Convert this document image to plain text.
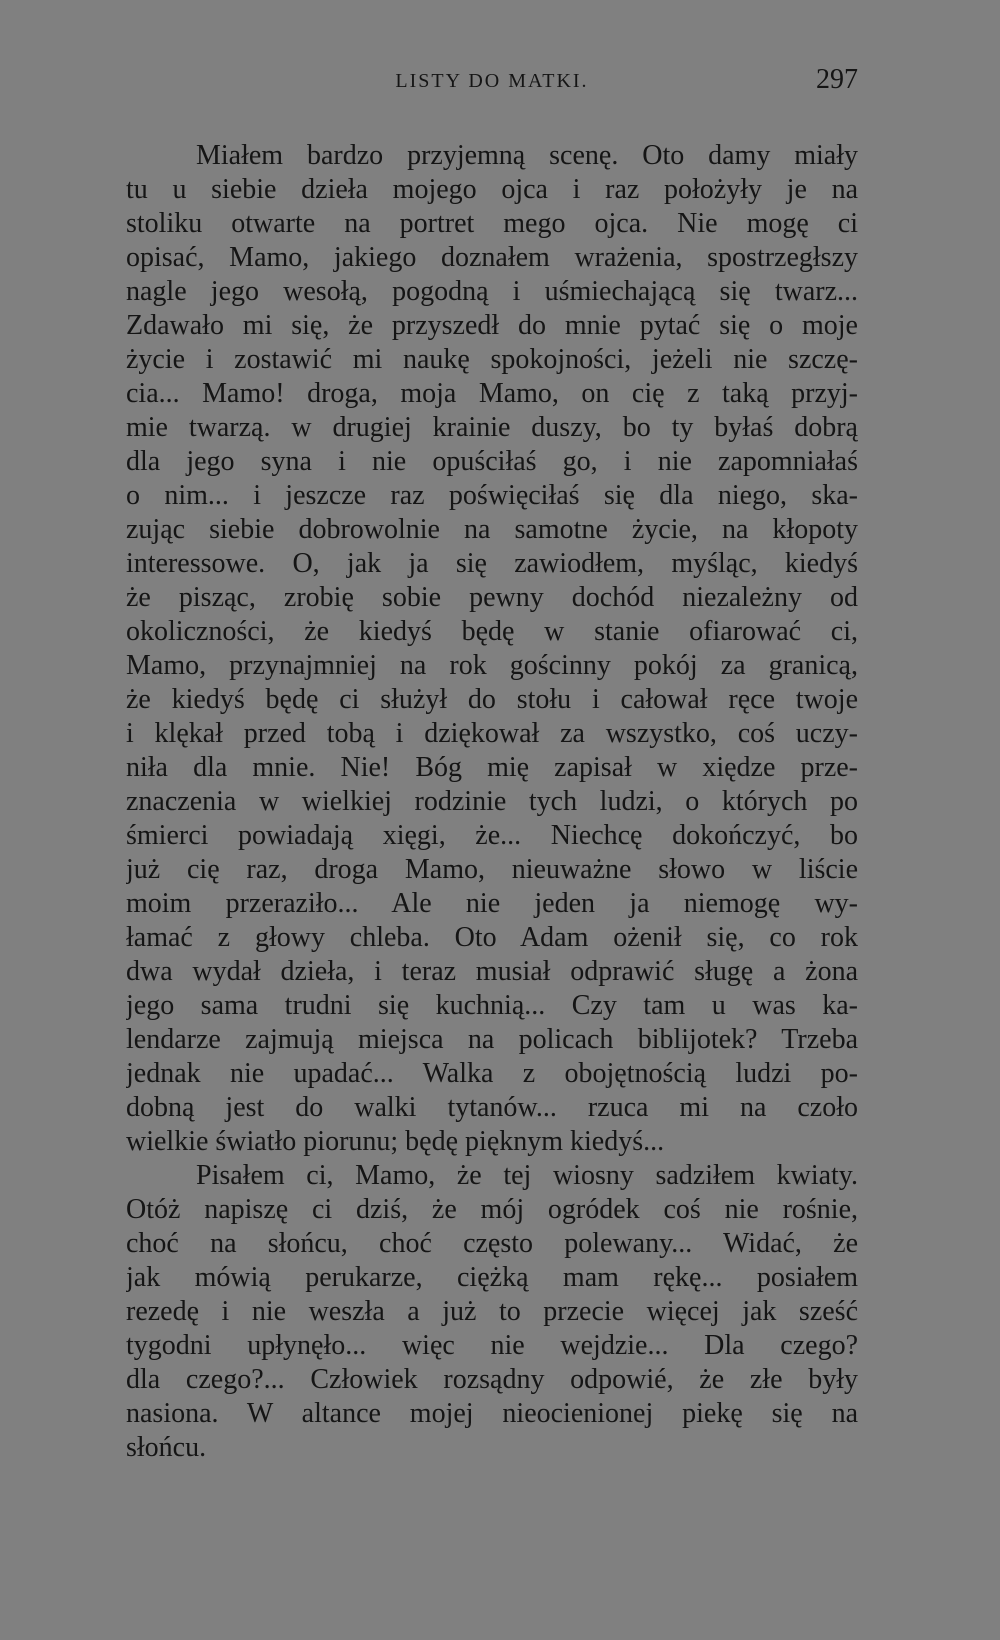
LISTY DO MATKI.	297
Miałem bardzo przyjemną scenę. Oto damy miały
tu u siebie dzieła mojego ojca i raz położyły je na
stoliku otwarte na portret mego ojca. Nie mogę ci
opisać, Mamo, jakiego doznałem wrażenia, spostrzegłszy
nagle jego wesołą, pogodną i uśmiechającą się twarz...
Zdawało mi się, że przyszedł do mnie pytać się o moje
życie i zostawić mi naukę spokojności, jeżeli nie szczę-
cia... Mamo! droga, moja Mamo, on cię z taką przyj-
mie twarzą. w drugiej krainie duszy, bo ty byłaś dobrą
dla jego syna i nie opuściłaś go, i nie zapomniałaś
o nim... i jeszcze raz poświęciłaś się dla niego, ska-
zując siebie dobrowolnie na samotne życie, na kłopoty
interessowe. O, jak ja się zawiodłem, myśląc, kiedyś
że pisząc, zrobię sobie pewny dochód niezależny od
okoliczności, że kiedyś będę w stanie ofiarować ci,
Mamo, przynajmniej na rok gościnny pokój za granicą,
że kiedyś będę ci służył do stołu i całował ręce twoje
i klękał przed tobą i dziękował za wszystko, coś uczy-
niła dla mnie. Nie! Bóg mię zapisał w xiędze prze-
znaczenia w wielkiej rodzinie tych ludzi, o których po
śmierci powiadają xięgi, że... Niechcę dokończyć, bo
już cię raz, droga Mamo, nieuważne słowo w liście
moim przeraziło... Ale nie jeden ja niemogę wy-
łamać z głowy chleba. Oto Adam ożenił się, co rok
dwa wydał dzieła, i teraz musiał odprawić sługę a żona
jego sama trudni się kuchnią... Czy tam u was ka-
lendarze zajmują miejsca na policach biblijotek? Trzeba
jednak nie upadać... Walka z obojętnością ludzi po-
dobną jest do walki tytanów... rzuca mi na czoło
wielkie światło piorunu; będę pięknym kiedyś...
Pisałem ci, Mamo, że tej wiosny sadziłem kwiaty.
Otóż napiszę ci dziś, że mój ogródek coś nie rośnie,
choć na słońcu, choć często polewany... Widać, że
jak mówią perukarze, ciężką mam rękę... posiałem
rezedę i nie weszła a już to przecie więcej jak sześć
tygodni upłynęło... więc nie wejdzie... Dla czego?
dla czego?... Człowiek rozsądny odpowié, że złe były
nasiona. W altance mojej nieocienionej piekę się na
słońcu.
